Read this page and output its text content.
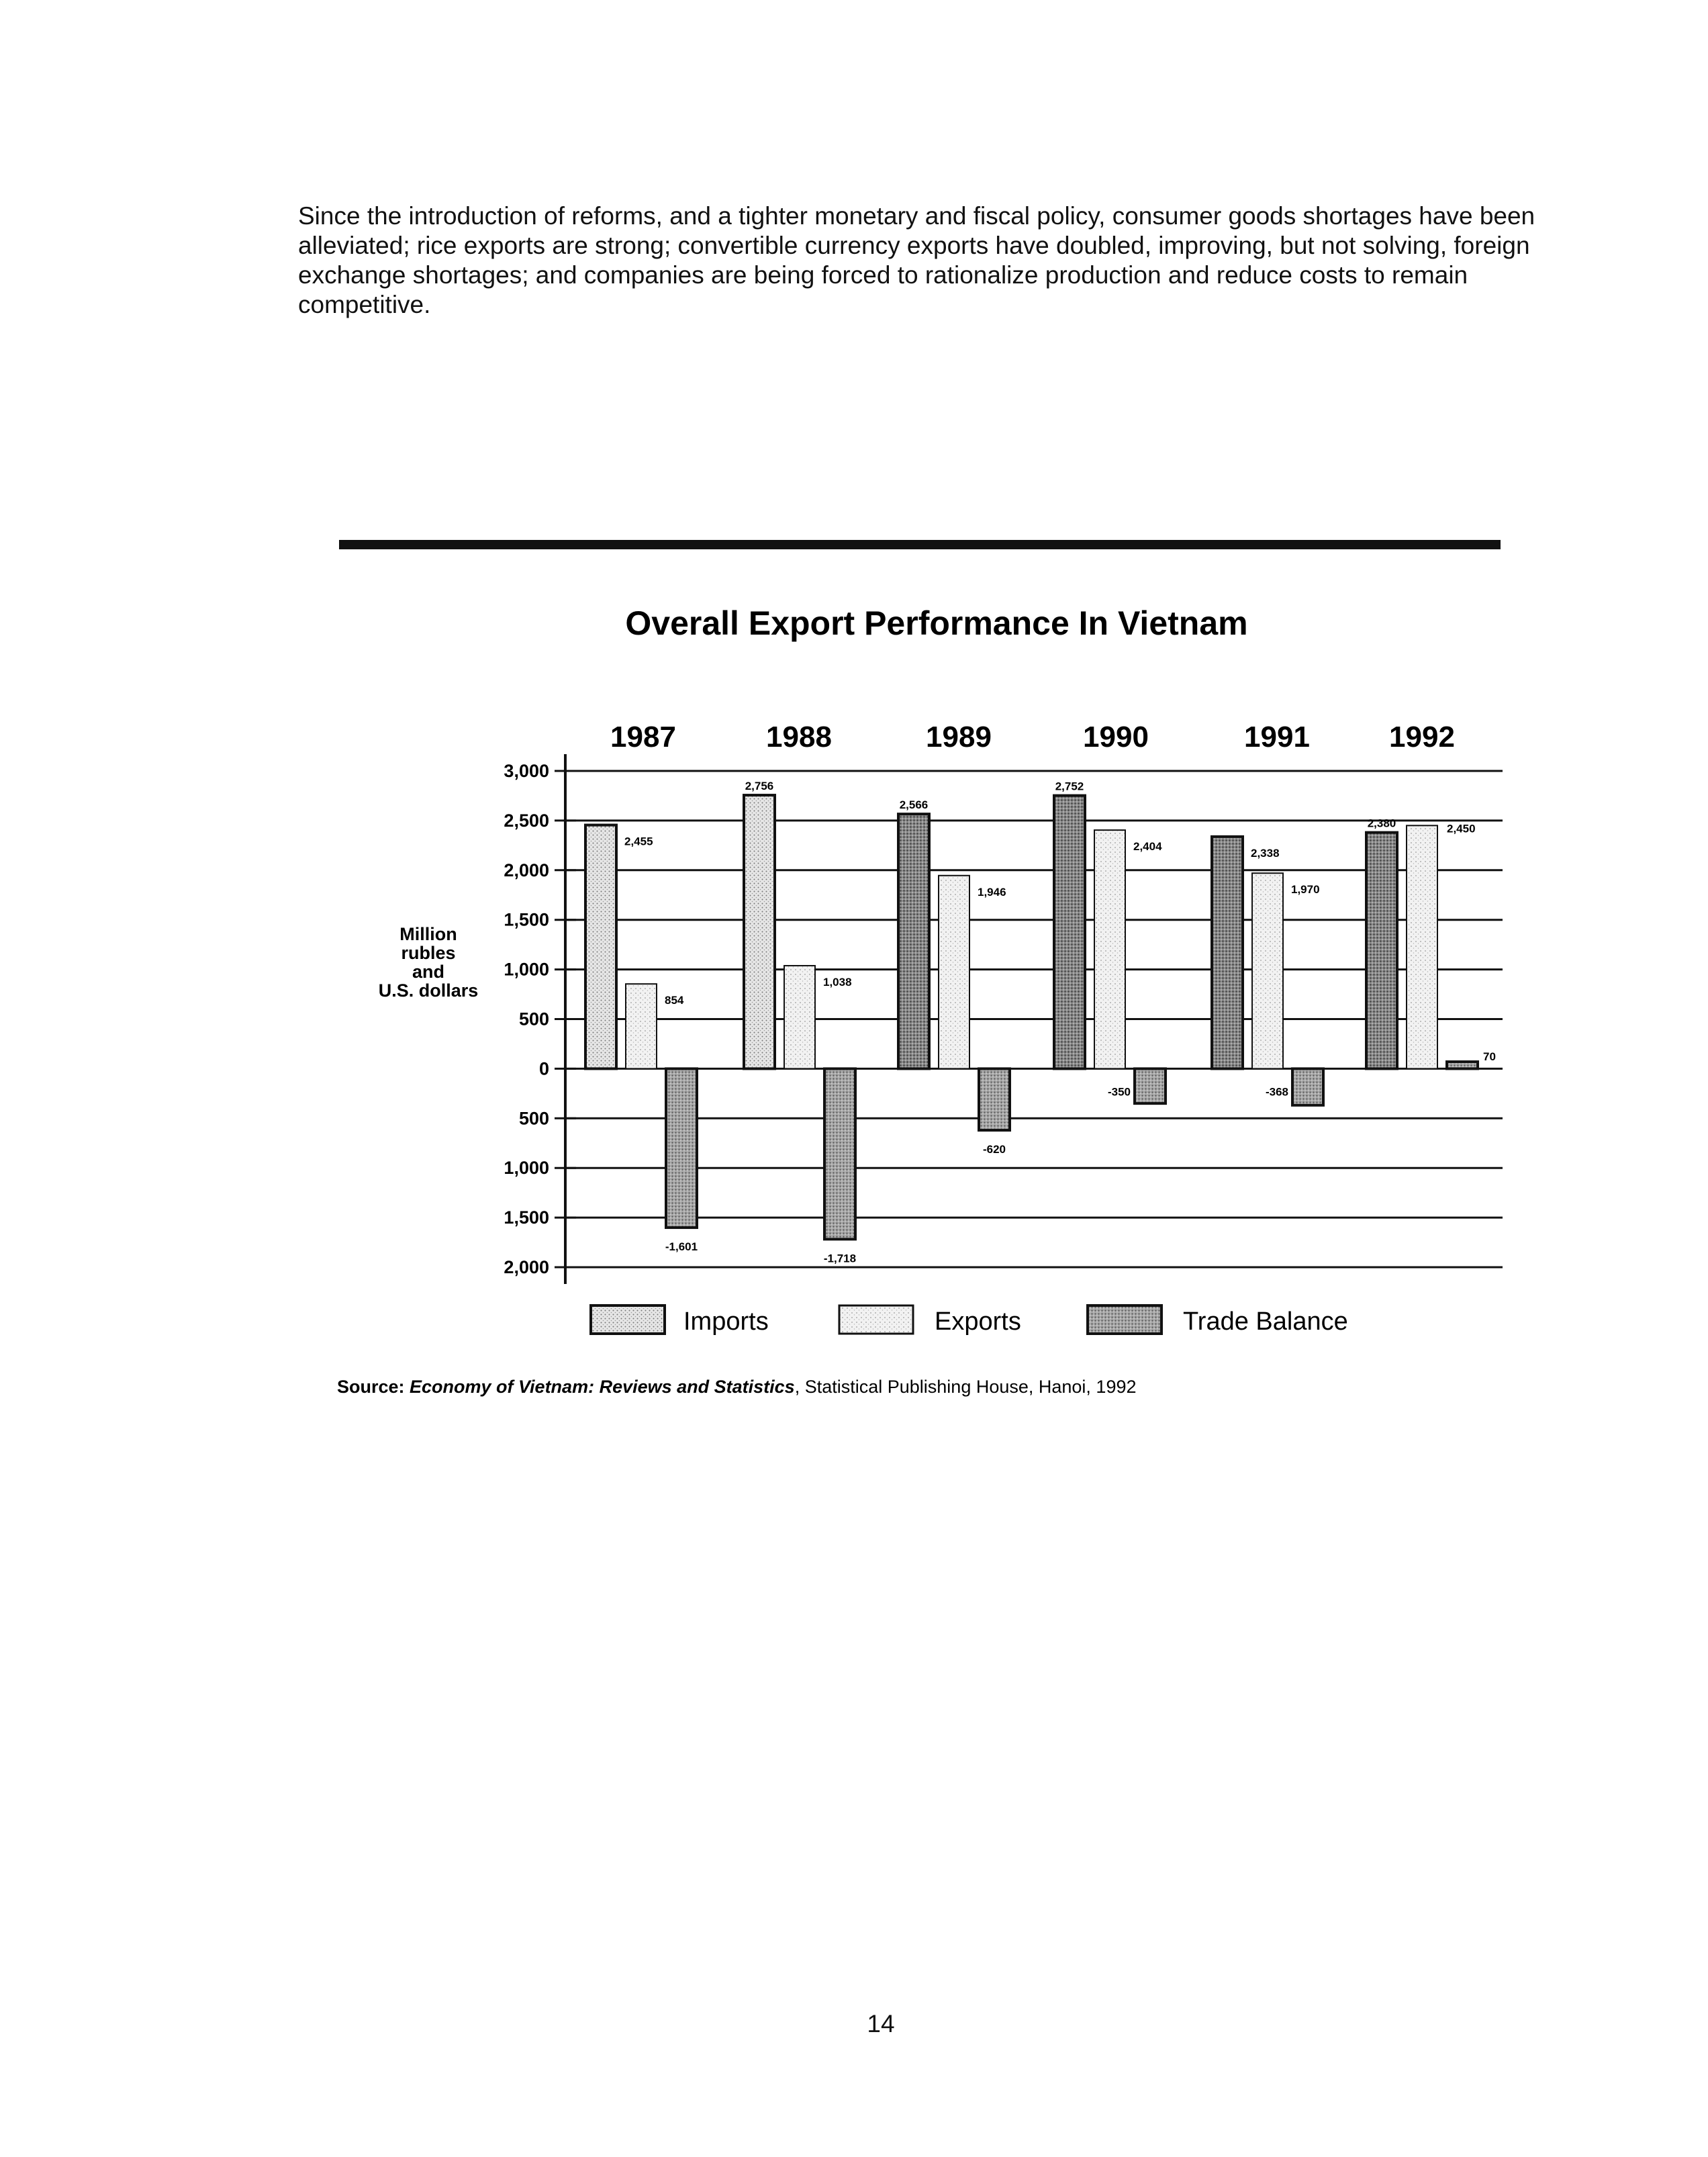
Since the introduction of reforms, and a tighter monetary and fiscal policy, consumer goods shortages have been alleviated; rice exports are strong; convertible currency exports have doubled, improving, but not solving, foreign exchange shortages; and companies are being forced to rationalize production and reduce costs to remain competitive.

Overall Export Performance In Vietnam
1987	1988	1989	1990	1991	1992
3,000
2,500
2,000
1,500
1,000
500
0
500
1,000
1,500
2,000
Million
rubles
and
U.S. dollars
2,455
2,756
2,566
2,752
2,338
2,380
854
1,038
1,946
2,404
1,970
2,450
-1,601
-1,718
-620
-350	-368
70
Imports	Exports	Trade Balance
Source: Economy of Vietnam: Reviews and Statistics, Statistical Publishing House, Hanoi, 1992
14
